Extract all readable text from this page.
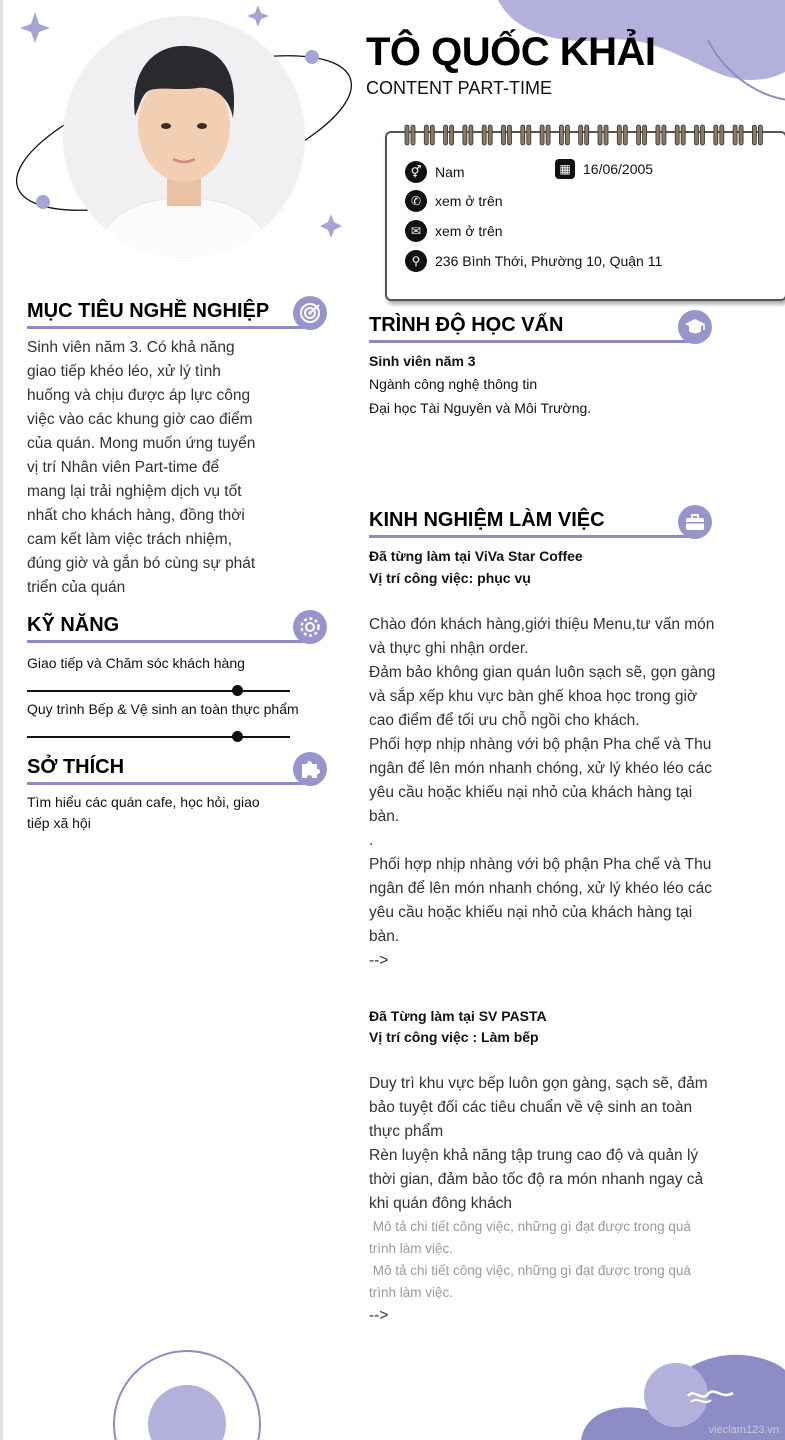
TÔ QUỐC KHẢI
CONTENT PART-TIME
⚥ Nam	▦ 16/06/2005
✆ xem ở trên
✉ xem ở trên
⚲	236 Bình Thới, Phường 10, Quận 11
MỤC TIÊU NGHỀ NGHIỆP
Sinh viên năm 3. Có khả năng
giao tiếp khéo léo, xử lý tình
huống và chịu được áp lực công
việc vào các khung giờ cao điểm
của quán. Mong muốn ứng tuyển
vị trí Nhân viên Part-time để
mang lại trải nghiệm dịch vụ tốt
nhất cho khách hàng, đồng thời
cam kết làm việc trách nhiệm,
đúng giờ và gắn bó cùng sự phát
triển của quán
KỸ NĂNG
Giao tiếp và Chăm sóc khách hàng
Quy trình Bếp & Vệ sinh an toàn thực phẩm
SỞ THÍCH
Tìm hiểu các quán cafe, học hỏi, giao
tiếp xã hội
TRÌNH ĐỘ HỌC VẤN
Sinh viên năm 3
Ngành công nghệ thông tin
Đại học Tài Nguyên và Môi Trường.
KINH NGHIỆM LÀM VIỆC
Đã từng làm tại ViVa Star Coffee
Vị trí công việc: phục vụ
Chào đón khách hàng,giới thiệu Menu,tư vấn món
và thực ghi nhận order.
Đảm bảo không gian quán luôn sạch sẽ, gọn gàng
và sắp xếp khu vực bàn ghế khoa học trong giờ
cao điểm để tối ưu chỗ ngồi cho khách.
Phối hợp nhịp nhàng với bộ phận Pha chế và Thu
ngân để lên món nhanh chóng, xử lý khéo léo các
yêu cầu hoặc khiếu nại nhỏ của khách hàng tại
bàn.
.
Phối hợp nhịp nhàng với bộ phận Pha chế và Thu
ngân để lên món nhanh chóng, xử lý khéo léo các
yêu cầu hoặc khiếu nại nhỏ của khách hàng tại
bàn.
-->
Đã Từng làm tại SV PASTA
Vị trí công việc : Làm bếp
Duy trì khu vực bếp luôn gọn gàng, sạch sẽ, đảm
bảo tuyệt đối các tiêu chuẩn về vệ sinh an toàn
thực phẩm
Rèn luyện khả năng tập trung cao độ và quản lý
thời gian, đảm bảo tốc độ ra món nhanh ngay cả
khi quán đông khách
Mô tả chi tiết công việc, những gì đạt được trong quá
trình làm việc.
Mô tả chi tiết công việc, những gì đạt được trong quá
trình làm việc.
-->
vieclam123.vn
